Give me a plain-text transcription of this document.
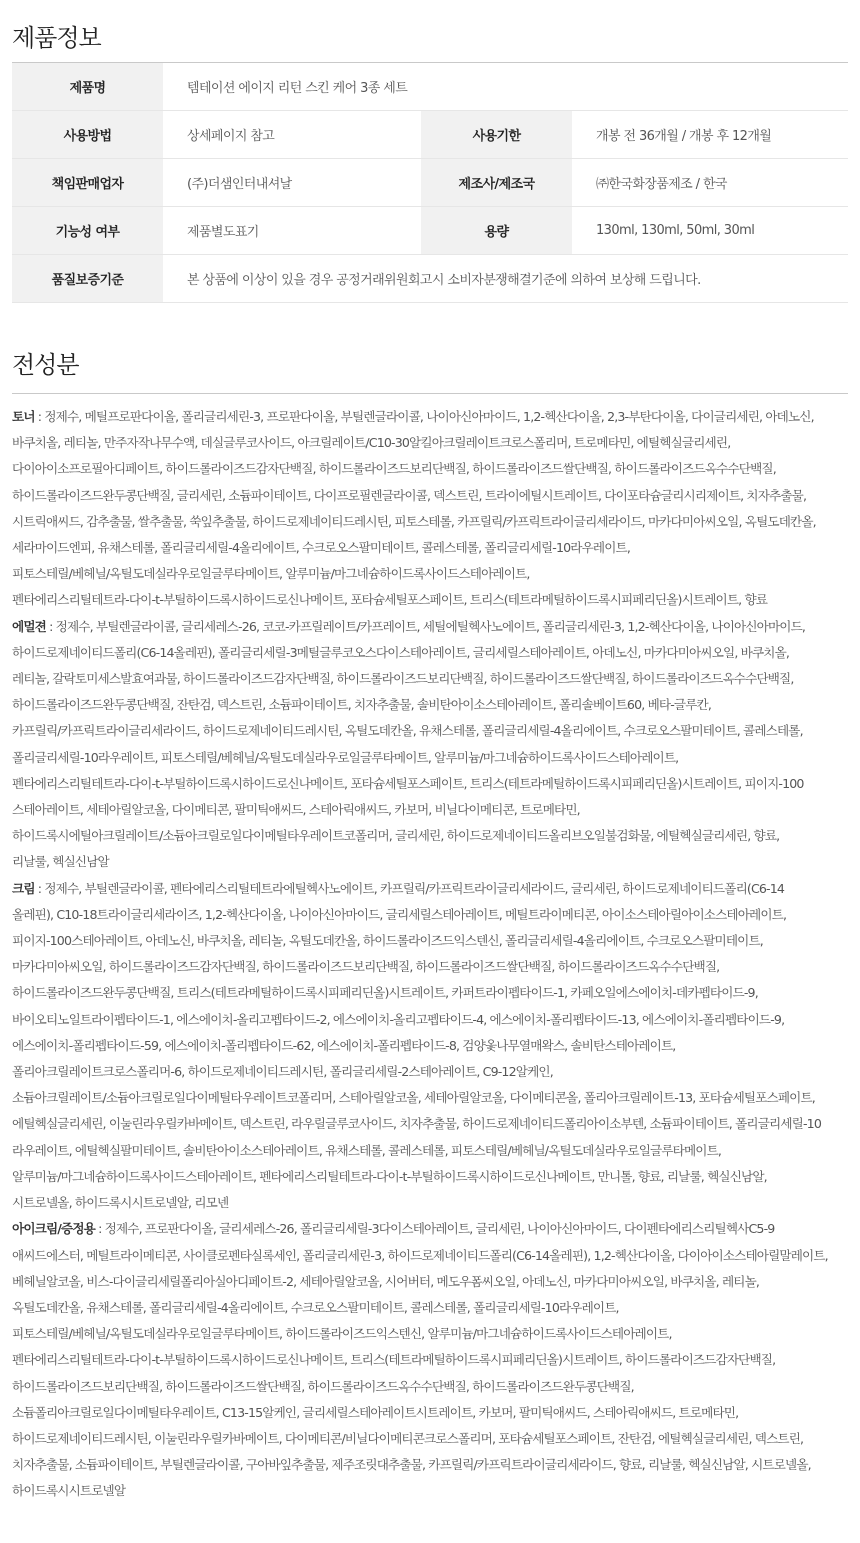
제품정보
제품명	템테이션 에이지 리턴 스킨 케어 3종 세트		
사용방법	상세페이지 참고	사용기한	개봉 전 36개월 / 개봉 후 12개월
책임판매업자	(주)더샘인터내셔날	제조사/제조국	㈜한국화장품제조 / 한국
기능성 여부	제품별도표기	용량	130ml, 130ml, 50ml, 30ml
품질보증기준	본 상품에 이상이 있을 경우 공정거래위원회고시 소비자분쟁해결기준에 의하여 보상해 드립니다.		
전성분

토너 : 정제수, 메틸프로판다이올, 폴리글리세린-3, 프로판다이올, 부틸렌글라이콜, 나이아신아마이드, 1,2-헥산다이올, 2,3-부탄다이올, 다이글리세린, 아데노신,

바쿠치올, 레티놀, 만주자작나무수액, 데실글루코사이드, 아크릴레이트/C10-30알킬아크릴레이트크로스폴리머, 트로메타민, 에틸헥실글리세린,

다이아이소프로필아디페이트, 하이드롤라이즈드감자단백질, 하이드롤라이즈드보리단백질, 하이드롤라이즈드쌀단백질, 하이드롤라이즈드옥수수단백질,

하이드롤라이즈드완두콩단백질, 글리세린, 소듐파이테이트, 다이프로필렌글라이콜, 덱스트린, 트라이에틸시트레이트, 다이포타슘글리시리제이트, 치자추출물,

시트릭애씨드, 감추출물, 쌀추출물, 쑥잎추출물, 하이드로제네이티드레시틴, 피토스테롤, 카프릴릭/카프릭트라이글리세라이드, 마카다미아씨오일, 옥틸도데칸올,

세라마이드엔피, 유채스테롤, 폴리글리세릴-4올리에이트, 수크로오스팔미테이트, 콜레스테롤, 폴리글리세릴-10라우레이트,

피토스테릴/베헤닐/옥틸도데실라우로일글루타메이트, 알루미늄/마그네슘하이드록사이드스테아레이트,

펜타에리스리틸테트라-다이-t-부틸하이드록시하이드로신나메이트, 포타슘세틸포스페이트, 트리스(테트라메틸하이드록시피페리딘올)시트레이트, 향료

에멀젼 : 정제수, 부틸렌글라이콜, 글리세레스-26, 코코-카프릴레이트/카프레이트, 세틸에틸헥사노에이트, 폴리글리세린-3, 1,2-헥산다이올, 나이아신아마이드,

하이드로제네이티드폴리(C6-14올레핀), 폴리글리세릴-3메틸글루코오스다이스테아레이트, 글리세릴스테아레이트, 아데노신, 마카다미아씨오일, 바쿠치올,

레티놀, 갈락토미세스발효여과물, 하이드롤라이즈드감자단백질, 하이드롤라이즈드보리단백질, 하이드롤라이즈드쌀단백질, 하이드롤라이즈드옥수수단백질,

하이드롤라이즈드완두콩단백질, 잔탄검, 덱스트린, 소듐파이테이트, 치자추출물, 솔비탄아이소스테아레이트, 폴리솔베이트60, 베타-글루칸,

카프릴릭/카프릭트라이글리세라이드, 하이드로제네이티드레시틴, 옥틸도데칸올, 유채스테롤, 폴리글리세릴-4올리에이트, 수크로오스팔미테이트, 콜레스테롤,

폴리글리세릴-10라우레이트, 피토스테릴/베헤닐/옥틸도데실라우로일글루타메이트, 알루미늄/마그네슘하이드록사이드스테아레이트,

펜타에리스리틸테트라-다이-t-부틸하이드록시하이드로신나메이트, 포타슘세틸포스페이트, 트리스(테트라메틸하이드록시피페리딘올)시트레이트, 피이지-100

스테아레이트, 세테아릴알코올, 다이메티콘, 팔미틱애씨드, 스테아릭애씨드, 카보머, 비닐다이메티콘, 트로메타민,

하이드록시에틸아크릴레이트/소듐아크릴로일다이메틸타우레이트코폴리머, 글리세린, 하이드로제네이티드올리브오일불검화물, 에틸헥실글리세린, 향료,

리날룰, 헥실신남알

크림 : 정제수, 부틸렌글라이콜, 펜타에리스리틸테트라에틸헥사노에이트, 카프릴릭/카프릭트라이글리세라이드, 글리세린, 하이드로제네이티드폴리(C6-14

올레핀), C10-18트라이글리세라이즈, 1,2-헥산다이올, 나이아신아마이드, 글리세릴스테아레이트, 메틸트라이메티콘, 아이소스테아릴아이소스테아레이트,

피이지-100스테아레이트, 아데노신, 바쿠치올, 레티놀, 옥틸도데칸올, 하이드롤라이즈드익스텐신, 폴리글리세릴-4올리에이트, 수크로오스팔미테이트,

마카다미아씨오일, 하이드롤라이즈드감자단백질, 하이드롤라이즈드보리단백질, 하이드롤라이즈드쌀단백질, 하이드롤라이즈드옥수수단백질,

하이드롤라이즈드완두콩단백질, 트리스(테트라메틸하이드록시피페리딘올)시트레이트, 카퍼트라이펩타이드-1, 카페오일에스에이치-데카펩타이드-9,

바이오티노일트라이펩타이드-1, 에스에이치-올리고펩타이드-2, 에스에이치-올리고펩타이드-4, 에스에이치-폴리펩타이드-13, 에스에이치-폴리펩타이드-9,

에스에이치-폴리펩타이드-59, 에스에이치-폴리펩타이드-62, 에스에이치-폴리펩타이드-8, 검양옻나무열매왁스, 솔비탄스테아레이트,

폴리아크릴레이트크로스폴리머-6, 하이드로제네이티드레시틴, 폴리글리세릴-2스테아레이트, C9-12알케인,

소듐아크릴레이트/소듐아크릴로일다이메틸타우레이트코폴리머, 스테아릴알코올, 세테아릴알코올, 다이메티콘올, 폴리아크릴레이트-13, 포타슘세틸포스페이트,

에틸헥실글리세린, 이눌린라우릴카바메이트, 덱스트린, 라우릴글루코사이드, 치자추출물, 하이드로제네이티드폴리아이소부텐, 소듐파이테이트, 폴리글리세릴-10

라우레이트, 에틸헥실팔미테이트, 솔비탄아이소스테아레이트, 유채스테롤, 콜레스테롤, 피토스테릴/베헤닐/옥틸도데실라우로일글루타메이트,

알루미늄/마그네슘하이드록사이드스테아레이트, 펜타에리스리틸테트라-다이-t-부틸하이드록시하이드로신나메이트, 만니톨, 향료, 리날룰, 헥실신남알,

시트로넬올, 하이드록시시트로넬알, 리모넨

아이크림/증정용 : 정제수, 프로판다이올, 글리세레스-26, 폴리글리세릴-3다이스테아레이트, 글리세린, 나이아신아마이드, 다이펜타에리스리틸헥사C5-9

애씨드에스터, 메틸트라이메티콘, 사이클로펜타실록세인, 폴리글리세린-3, 하이드로제네이티드폴리(C6-14올레핀), 1,2-헥산다이올, 다이아이소스테아릴말레이트,

베헤닐알코올, 비스-다이글리세릴폴리아실아디페이트-2, 세테아릴알코올, 시어버터, 메도우폼씨오일, 아데노신, 마카다미아씨오일, 바쿠치올, 레티놀,

옥틸도데칸올, 유채스테롤, 폴리글리세릴-4올리에이트, 수크로오스팔미테이트, 콜레스테롤, 폴리글리세릴-10라우레이트,

피토스테릴/베헤닐/옥틸도데실라우로일글루타메이트, 하이드롤라이즈드익스텐신, 알루미늄/마그네슘하이드록사이드스테아레이트,

펜타에리스리틸테트라-다이-t-부틸하이드록시하이드로신나메이트, 트리스(테트라메틸하이드록시피페리딘올)시트레이트, 하이드롤라이즈드감자단백질,

하이드롤라이즈드보리단백질, 하이드롤라이즈드쌀단백질, 하이드롤라이즈드옥수수단백질, 하이드롤라이즈드완두콩단백질,

소듐폴리아크릴로일다이메틸타우레이트, C13-15알케인, 글리세릴스테아레이트시트레이트, 카보머, 팔미틱애씨드, 스테아릭애씨드, 트로메타민,

하이드로제네이티드레시틴, 이눌린라우릴카바메이트, 다이메티콘/비닐다이메티콘크로스폴리머, 포타슘세틸포스페이트, 잔탄검, 에틸헥실글리세린, 덱스트린,

치자추출물, 소듐파이테이트, 부틸렌글라이콜, 구아바잎추출물, 제주조릿대추출물, 카프릴릭/카프릭트라이글리세라이드, 향료, 리날룰, 헥실신남알, 시트로넬올,

하이드록시시트로넬알
